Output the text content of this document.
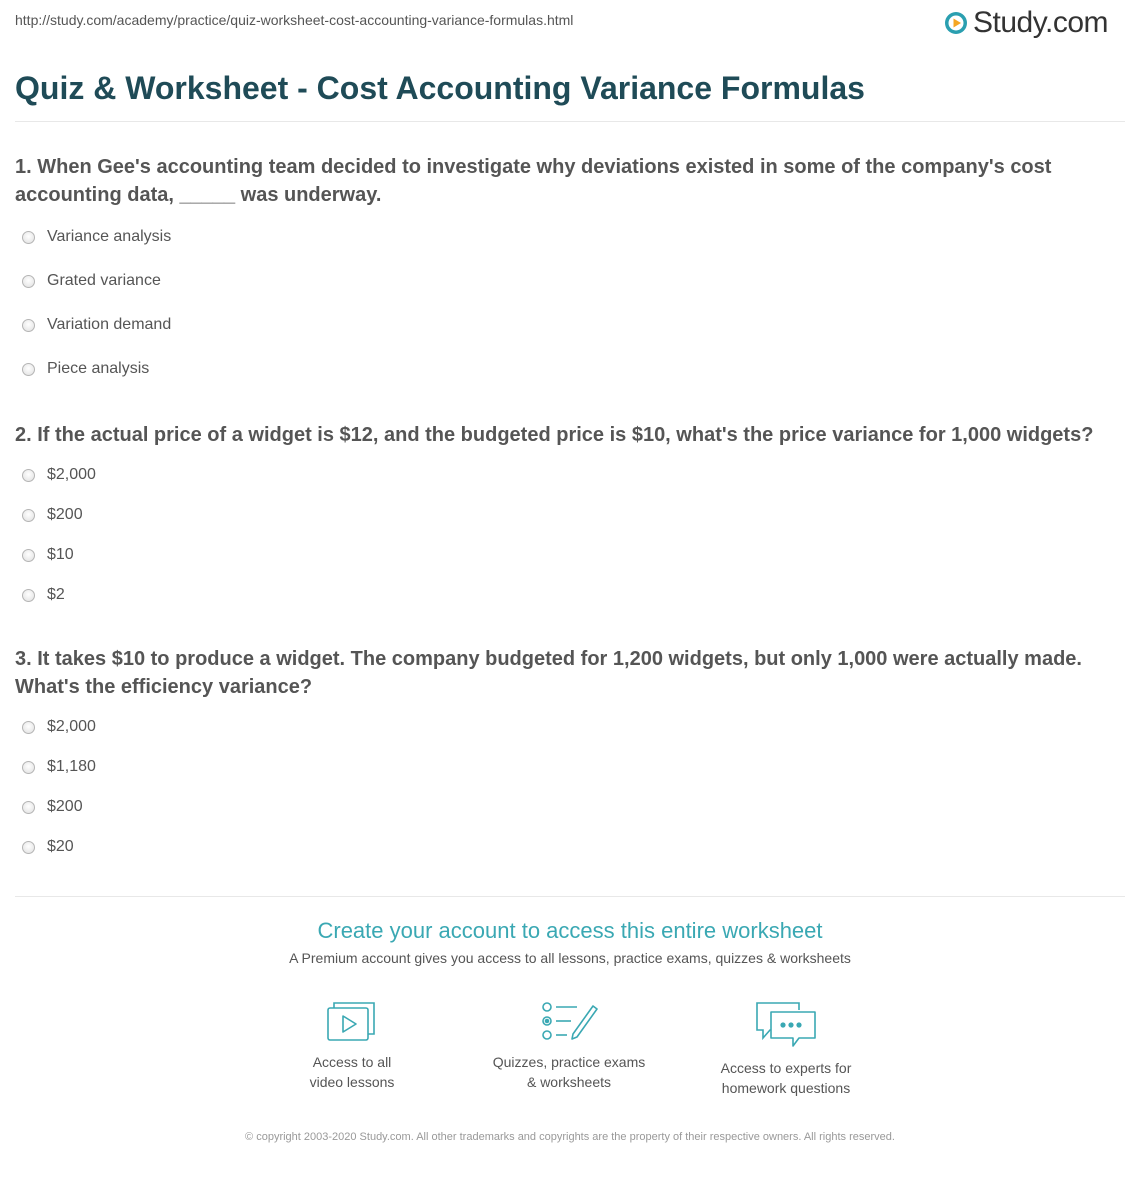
http://study.com/academy/practice/quiz-worksheet-cost-accounting-variance-formulas.html	Study.com
Quiz & Worksheet - Cost Accounting Variance Formulas
1. When Gee's accounting team decided to investigate why deviations existed in some of the company's cost accounting data, _____ was underway.
Variance analysis
Grated variance
Variation demand
Piece analysis
2. If the actual price of a widget is $12, and the budgeted price is $10, what's the price variance for 1,000 widgets?
$2,000
$200
$10
$2
3. It takes $10 to produce a widget. The company budgeted for 1,200 widgets, but only 1,000 were actually made. What's the efficiency variance?
$2,000
$1,180
$200
$20
Create your account to access this entire worksheet
A Premium account gives you access to all lessons, practice exams, quizzes & worksheets
Access to all
video lessons
Quizzes, practice exams
& worksheets
Access to experts for
homework questions
© copyright 2003-2020 Study.com. All other trademarks and copyrights are the property of their respective owners. All rights reserved.
